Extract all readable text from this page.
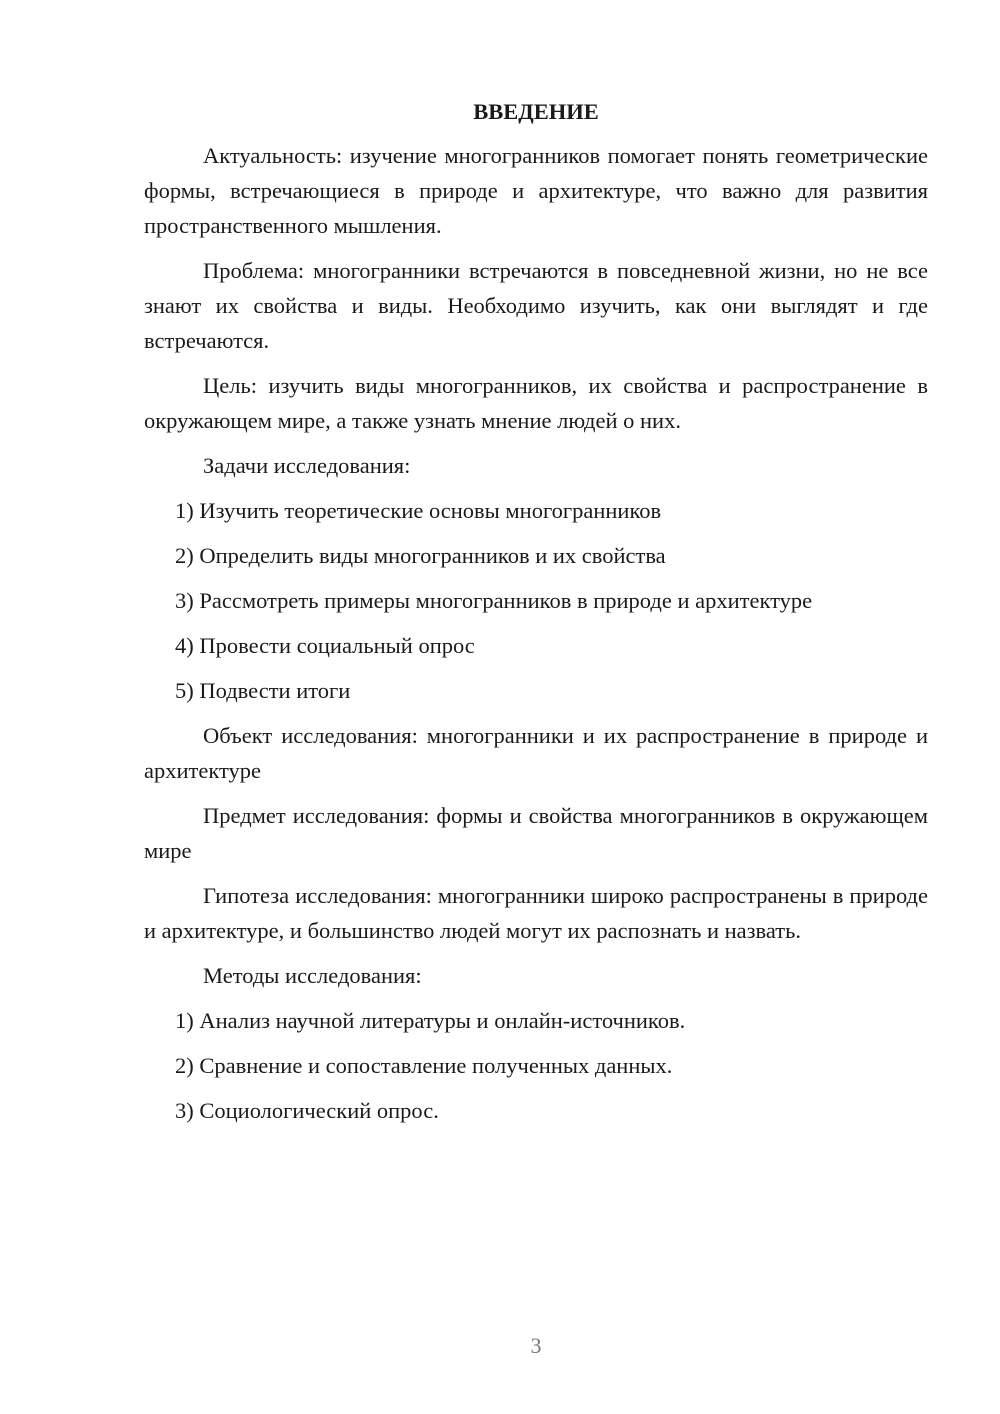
ВВЕДЕНИЕ

Актуальность: изучение многогранников помогает понять геометрические формы, встречающиеся в природе и архитектуре, что важно для развития пространственного мышления.

Проблема: многогранники встречаются в повседневной жизни, но не все знают их свойства и виды. Необходимо изучить, как они выглядят и где встречаются.

Цель: изучить виды многогранников, их свойства и распространение в окружающем мире, а также узнать мнение людей о них.

Задачи исследования:

1) Изучить теоретические основы многогранников
2) Определить виды многогранников и их свойства
3) Рассмотреть примеры многогранников в природе и архитектуре
4) Провести социальный опрос
5) Подвести итоги

Объект исследования: многогранники и их распространение в природе и архитектуре

Предмет исследования: формы и свойства многогранников в окружающем мире

Гипотеза исследования: многогранники широко распространены в природе и архитектуре, и большинство людей могут их распознать и назвать.

Методы исследования:

1) Анализ научной литературы и онлайн-источников.
2) Сравнение и сопоставление полученных данных.
3) Социологический опрос.
3
